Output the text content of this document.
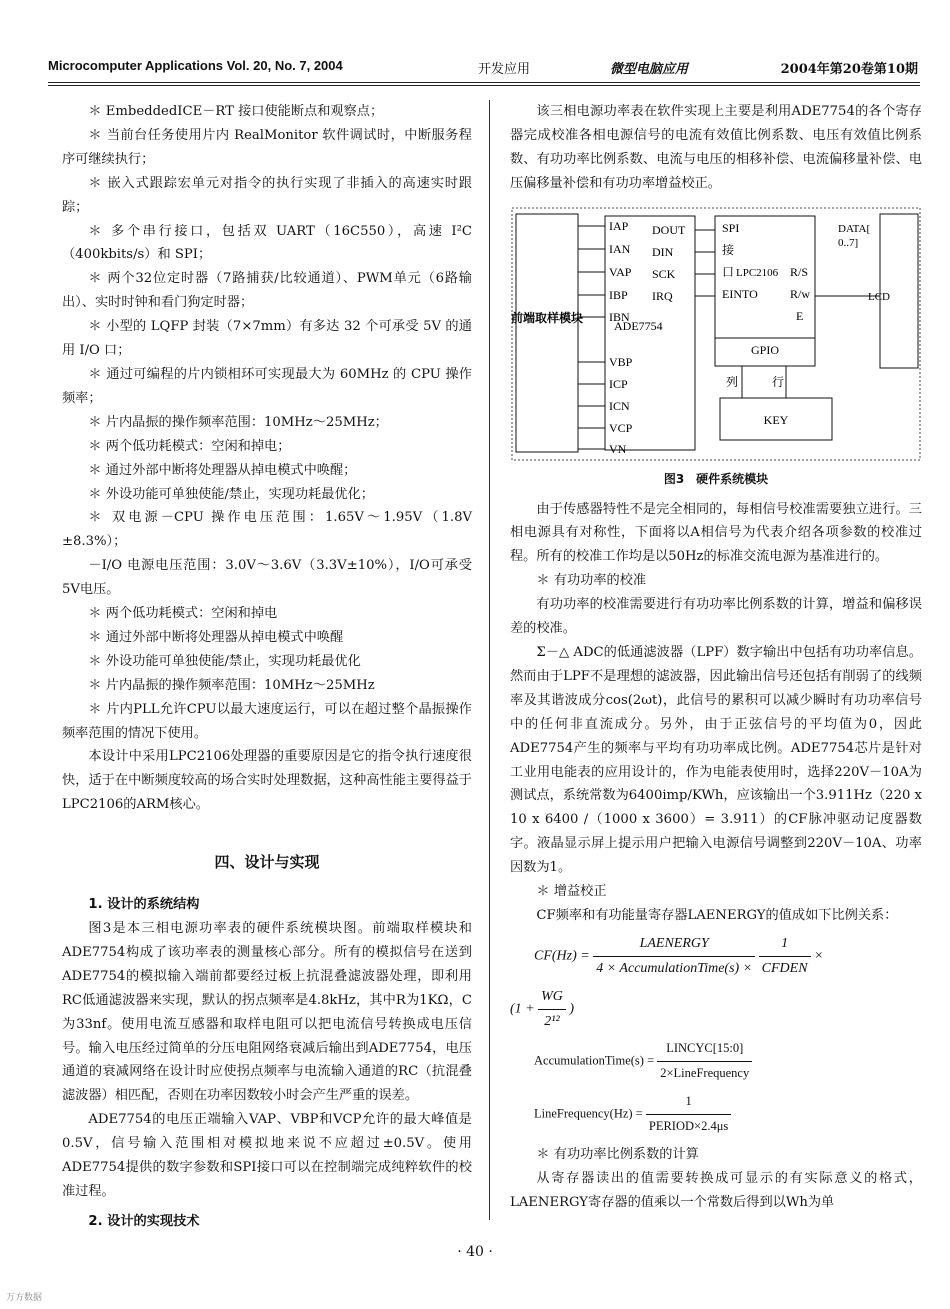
Microcomputer Applications Vol. 20, No. 7, 2004	开发应用	微型电脑应用	2004年第20卷第10期

＊ EmbeddedICE－RT 接口使能断点和观察点；

＊ 当前台任务使用片内 RealMonitor 软件调试时，中断服务程序可继续执行；

＊ 嵌入式跟踪宏单元对指令的执行实现了非插入的高速实时跟踪；

＊ 多个串行接口，包括双 UART（16C550），高速 I²C（400kbits/s）和 SPI；

＊ 两个32位定时器（7路捕获/比较通道）、PWM单元（6路输出）、实时时钟和看门狗定时器；

＊ 小型的 LQFP 封装（7×7mm）有多达 32 个可承受 5V 的通用 I/O 口；

＊ 通过可编程的片内锁相环可实现最大为 60MHz 的 CPU 操作频率；

＊ 片内晶振的操作频率范围：10MHz～25MHz；

＊ 两个低功耗模式：空闲和掉电；

＊ 通过外部中断将处理器从掉电模式中唤醒；

＊ 外设功能可单独使能/禁止，实现功耗最优化；

＊ 双电源－CPU 操作电压范围：1.65V～1.95V（1.8V ±8.3%）；

－I/O 电源电压范围：3.0V～3.6V（3.3V±10%），I/O可承受5V电压。

＊ 两个低功耗模式：空闲和掉电

＊ 通过外部中断将处理器从掉电模式中唤醒

＊ 外设功能可单独使能/禁止，实现功耗最优化

＊ 片内晶振的操作频率范围：10MHz～25MHz

＊ 片内PLL允许CPU以最大速度运行，可以在超过整个晶振操作频率范围的情况下使用。

本设计中采用LPC2106处理器的重要原因是它的指令执行速度很快，适于在中断频度较高的场合实时处理数据，这种高性能主要得益于LPC2106的ARM核心。

四、设计与实现

1. 设计的系统结构

图3是本三相电源功率表的硬件系统模块图。前端取样模块和ADE7754构成了该功率表的测量核心部分。所有的模拟信号在送到ADE7754的模拟输入端前都要经过板上抗混叠滤波器处理，即利用RC低通滤波器来实现，默认的拐点频率是4.8kHz，其中R为1KΩ，C为33nf。使用电流互感器和取样电阻可以把电流信号转换成电压信号。输入电压经过简单的分压电阻网络衰减后输出到ADE7754，电压通道的衰减网络在设计时应使拐点频率与电流输入通道的RC（抗混叠滤波器）相匹配，否则在功率因数较小时会产生严重的误差。

ADE7754的电压正端输入VAP、VBP和VCP允许的最大峰值是0.5V，信号输入范围相对模拟地来说不应超过±0.5V。使用ADE7754提供的数字参数和SPI接口可以在控制端完成纯粹软件的校准过程。

2. 设计的实现技术

该三相电源功率表在软件实现上主要是利用ADE7754的各个寄存器完成校准各相电源信号的电流有效值比例系数、电压有效值比例系数、有功功率比例系数、电流与电压的相移补偿、电流偏移量补偿、电压偏移量补偿和有功功率增益校正。

前端取样模块
IAP
IAN
VAP
IBP
IBN
VBP
ICP
ICN
VCP
VN
ADE7754
DOUT
DIN
SCK
IRQ
SPI
接
口 LPC2106
EINTO
R/S
R/w
E
GPIO
DATA[
0..7]
LCD
列	行
KEY

图3　硬件系统模块

由于传感器特性不是完全相同的，每相信号校准需要独立进行。三相电源具有对称性，下面将以A相信号为代表介绍各项参数的校准过程。所有的校准工作均是以50Hz的标准交流电源为基准进行的。

＊ 有功功率的校准

有功功率的校准需要进行有功功率比例系数的计算，增益和偏移误差的校准。

Σ－△ ADC的低通滤波器（LPF）数字输出中包括有功功率信息。然而由于LPF不是理想的滤波器，因此输出信号还包括有削弱了的线频率及其谐波成分cos(2ωt)，此信号的累积可以减少瞬时有功功率信号中的任何非直流成分。另外，由于正弦信号的平均值为0，因此ADE7754产生的频率与平均有功功率成比例。ADE7754芯片是针对工业用电能表的应用设计的，作为电能表使用时，选择220V－10A为测试点，系统常数为6400imp/KWh，应该输出一个3.911Hz（220 x 10 x 6400 /（1000 x 3600）= 3.911）的CF脉冲驱动记度器数字。液晶显示屏上提示用户把输入电源信号调整到220V－10A、功率因数为1。

＊ 增益校正

CF频率和有功能量寄存器LAENERGY的值成如下比例关系：

$CF(Hz) = \frac{\text{LAENERGY}}{\text{4 × AccumulationTime(s) ×}}$
$\frac{1}{\text{CFDEN}}$ ×

($1 + \frac{WG}{\text{2¹²}}$ )

AccumulationTime(s) = $\frac{\text{LINCYC[15:0]}}{\text{2×LineFrequency}}$

LineFrequency(Hz) = $\frac{1}{\text{PERIOD×2.4μs}}$

＊ 有功功率比例系数的计算

从寄存器读出的值需要转换成可显示的有实际意义的格式，LAENERGY寄存器的值乘以一个常数后得到以Wh为单

· 40 ·
万方数据
